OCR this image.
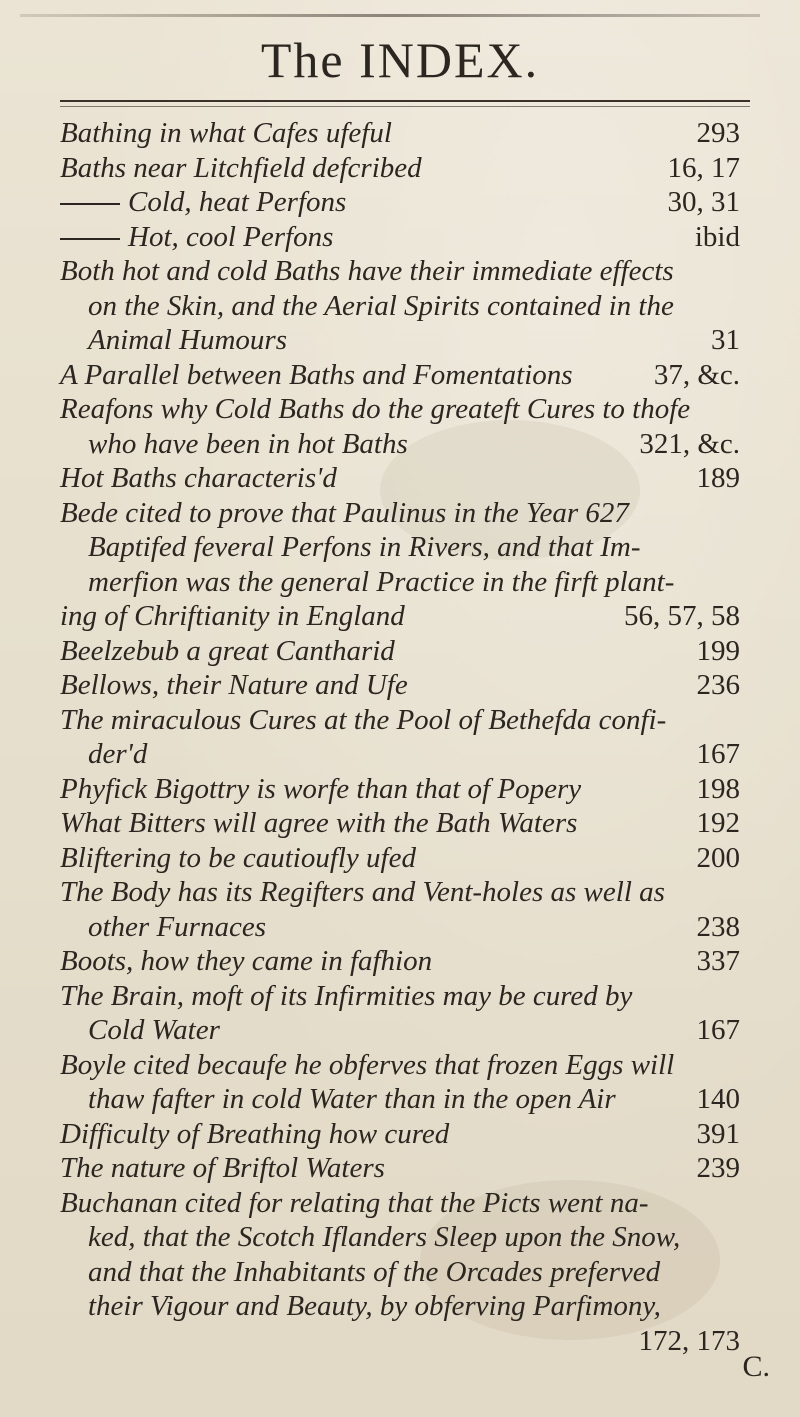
The INDEX.
Bathing in what Cafes ufeful	293
Baths near Litchfield defcribed	16, 17
Cold, heat Perfons	30, 31
Hot, cool Perfons	ibid
Both hot and cold Baths have their immediate effects
on the Skin, and the Aerial Spirits contained in the
Animal Humours	31
A Parallel between Baths and Fomentations	37, &c.
Reafons why Cold Baths do the greateft Cures to thofe
who have been in hot Baths	321, &c.
Hot Baths characteris'd	189
Bede cited to prove that Paulinus in the Year 627
Baptifed feveral Perfons in Rivers, and that Im-
merfion was the general Practice in the firft plant-
ing of Chriftianity in England	56, 57, 58
Beelzebub a great Cantharid	199
Bellows, their Nature and Ufe	236
The miraculous Cures at the Pool of Bethefda confi-
der'd	167
Phyfick Bigottry is worfe than that of Popery	198
What Bitters will agree with the Bath Waters	192
Bliftering to be cautioufly ufed	200
The Body has its Regifters and Vent-holes as well as
other Furnaces	238
Boots, how they came in fafhion	337
The Brain, moft of its Infirmities may be cured by
Cold Water	167
Boyle cited becaufe he obferves that frozen Eggs will
thaw fafter in cold Water than in the open Air	140
Difficulty of Breathing how cured	391
The nature of Briftol Waters	239
Buchanan cited for relating that the Picts went na-
ked, that the Scotch Iflanders Sleep upon the Snow,
and that the Inhabitants of the Orcades preferved
their Vigour and Beauty, by obferving Parfimony,
172, 173
C.
